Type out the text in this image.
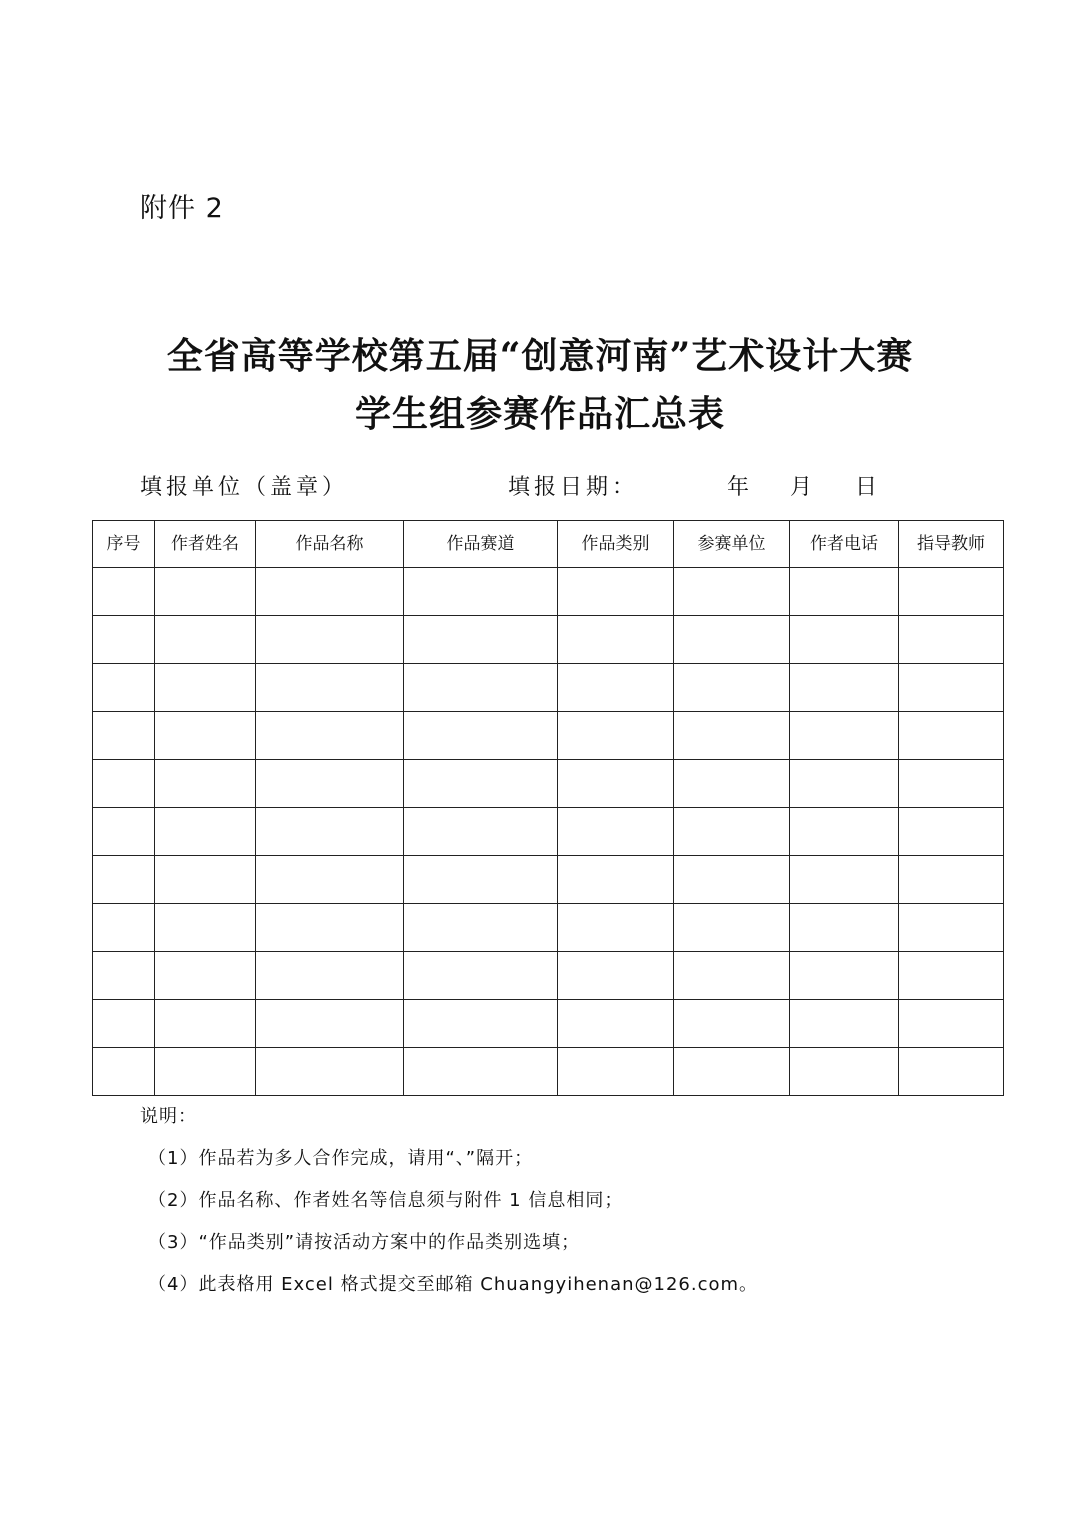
附件 2
全省高等学校第五届“创意河南”艺术设计大赛
学生组参赛作品汇总表
填报单位（盖章）	填报日期：	年 月 日
序号	作者姓名	作品名称	作品赛道	作品类别	参赛单位	作者电话	指导教师

说明：
（1）作品若为多人合作完成，请用“、”隔开；
（2）作品名称、作者姓名等信息须与附件 1 信息相同；
（3）“作品类别”请按活动方案中的作品类别选填；
（4）此表格用 Excel 格式提交至邮箱 Chuangyihenan@126.com。
